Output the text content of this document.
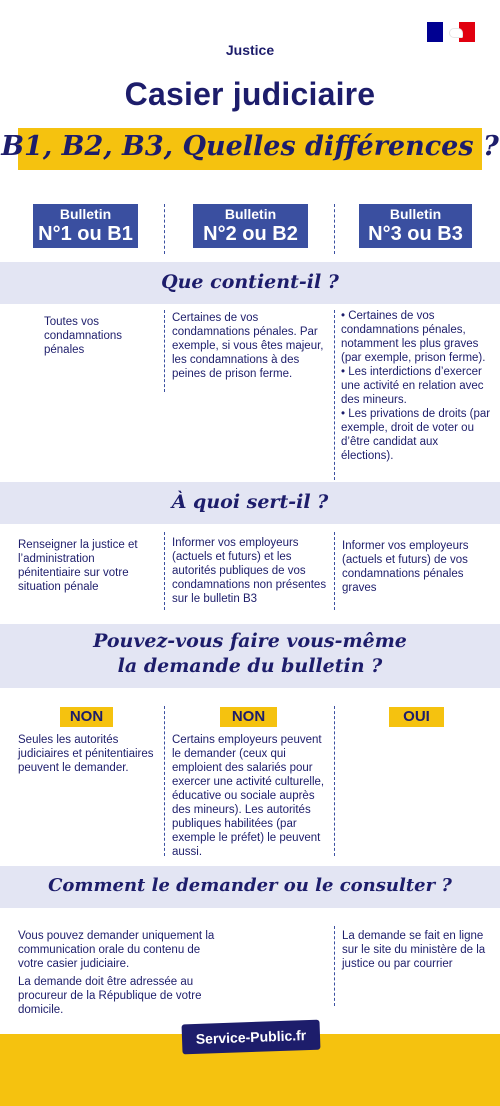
Justice
Casier judiciaire
B1, B2, B3, Quelles différences ?
Bulletin
N°1 ou B1
Bulletin
N°2 ou B2
Bulletin
N°3 ou B3
Que contient-il ?
Toutes vos condamnations pénales
Certaines de vos condamnations pénales. Par exemple, si vous êtes majeur, les condamnations à des peines de prison ferme.
• Certaines de vos condamnations pénales, notamment les plus graves (par exemple, prison ferme).
• Les interdictions d’exercer une activité en relation avec des mineurs.
• Les privations de droits (par exemple, droit de voter ou d’être candidat aux élections).
À quoi sert-il ?
Renseigner la justice et l’administration pénitentiaire sur votre situation pénale
Informer vos employeurs (actuels et futurs) et les autorités publiques de vos condamnations non présentes sur le bulletin B3
Informer vos employeurs (actuels et futurs) de vos condamnations pénales graves
Pouvez-vous faire vous-même
la demande du bulletin ?
NON	NON	OUI
Seules les autorités judiciaires et pénitentiaires peuvent le demander.
Certains employeurs peuvent le demander (ceux qui emploient des salariés pour exercer une activité culturelle, éducative ou sociale auprès des mineurs). Les autorités publiques habilitées (par exemple le préfet) le peuvent aussi.
Comment le demander ou le consulter ?
Vous pouvez demander uniquement la communication orale du contenu de votre casier judiciaire.
La demande doit être adressée au procureur de la République de votre domicile.
La demande se fait en ligne sur le site du ministère de la justice ou par courrier
Service-Public.fr
